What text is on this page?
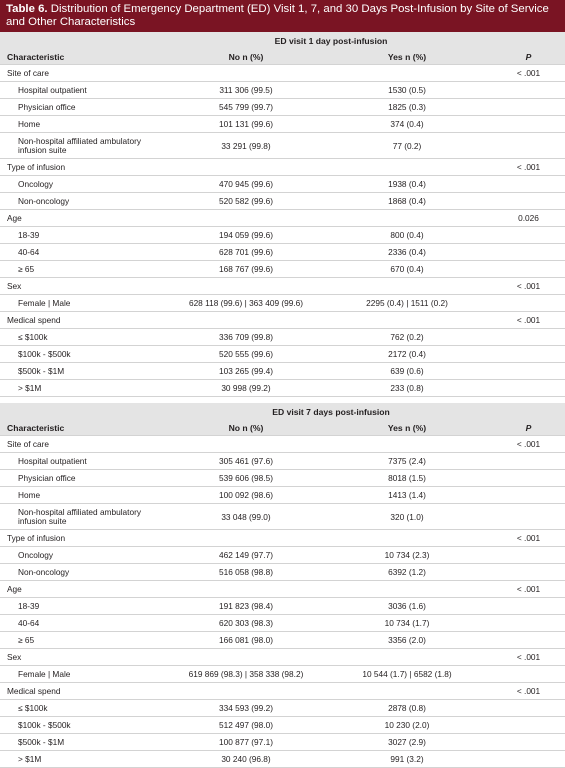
Table 6. Distribution of Emergency Department (ED) Visit 1, 7, and 30 Days Post-Infusion by Site of Service and Other Characteristics
	ED visit 1 day post-infusion		
Characteristic	No n (%)	Yes n (%)	P
Site of care			< .001
Hospital outpatient	311 306 (99.5)	1530 (0.5)	
Physician office	545 799 (99.7)	1825 (0.3)	
Home	101 131 (99.6)	374 (0.4)	
Non-hospital affiliated ambulatory infusion suite	33 291 (99.8)	77 (0.2)	
Type of infusion			< .001
Oncology	470 945 (99.6)	1938 (0.4)	
Non-oncology	520 582 (99.6)	1868 (0.4)	
Age			0.026
18-39	194 059 (99.6)	800 (0.4)	
40-64	628 701 (99.6)	2336 (0.4)	
≥ 65	168 767 (99.6)	670 (0.4)	
Sex			< .001
Female | Male	628 118 (99.6) | 363 409 (99.6)	2295 (0.4) | 1511 (0.2)	
Medical spend			< .001
≤ $100k	336 709 (99.8)	762 (0.2)	
$100k - $500k	520 555 (99.6)	2172 (0.4)	
$500k - $1M	103 265 (99.4)	639 (0.6)	
> $1M	30 998 (99.2)	233 (0.8)	

	ED visit 7 days post-infusion		
Characteristic	No n (%)	Yes n (%)	P
Site of care			< .001
Hospital outpatient	305 461 (97.6)	7375 (2.4)	
Physician office	539 606 (98.5)	8018 (1.5)	
Home	100 092 (98.6)	1413 (1.4)	
Non-hospital affiliated ambulatory infusion suite	33 048 (99.0)	320 (1.0)	
Type of infusion			< .001
Oncology	462 149 (97.7)	10 734 (2.3)	
Non-oncology	516 058 (98.8)	6392 (1.2)	
Age			< .001
18-39	191 823 (98.4)	3036 (1.6)	
40-64	620 303 (98.3)	10 734 (1.7)	
≥ 65	166 081 (98.0)	3356 (2.0)	
Sex			< .001
Female | Male	619 869 (98.3) | 358 338 (98.2)	10 544 (1.7) | 6582 (1.8)	
Medical spend			< .001
≤ $100k	334 593 (99.2)	2878 (0.8)	
$100k - $500k	512 497 (98.0)	10 230 (2.0)	
$500k - $1M	100 877 (97.1)	3027 (2.9)	
> $1M	30 240 (96.8)	991 (3.2)	
